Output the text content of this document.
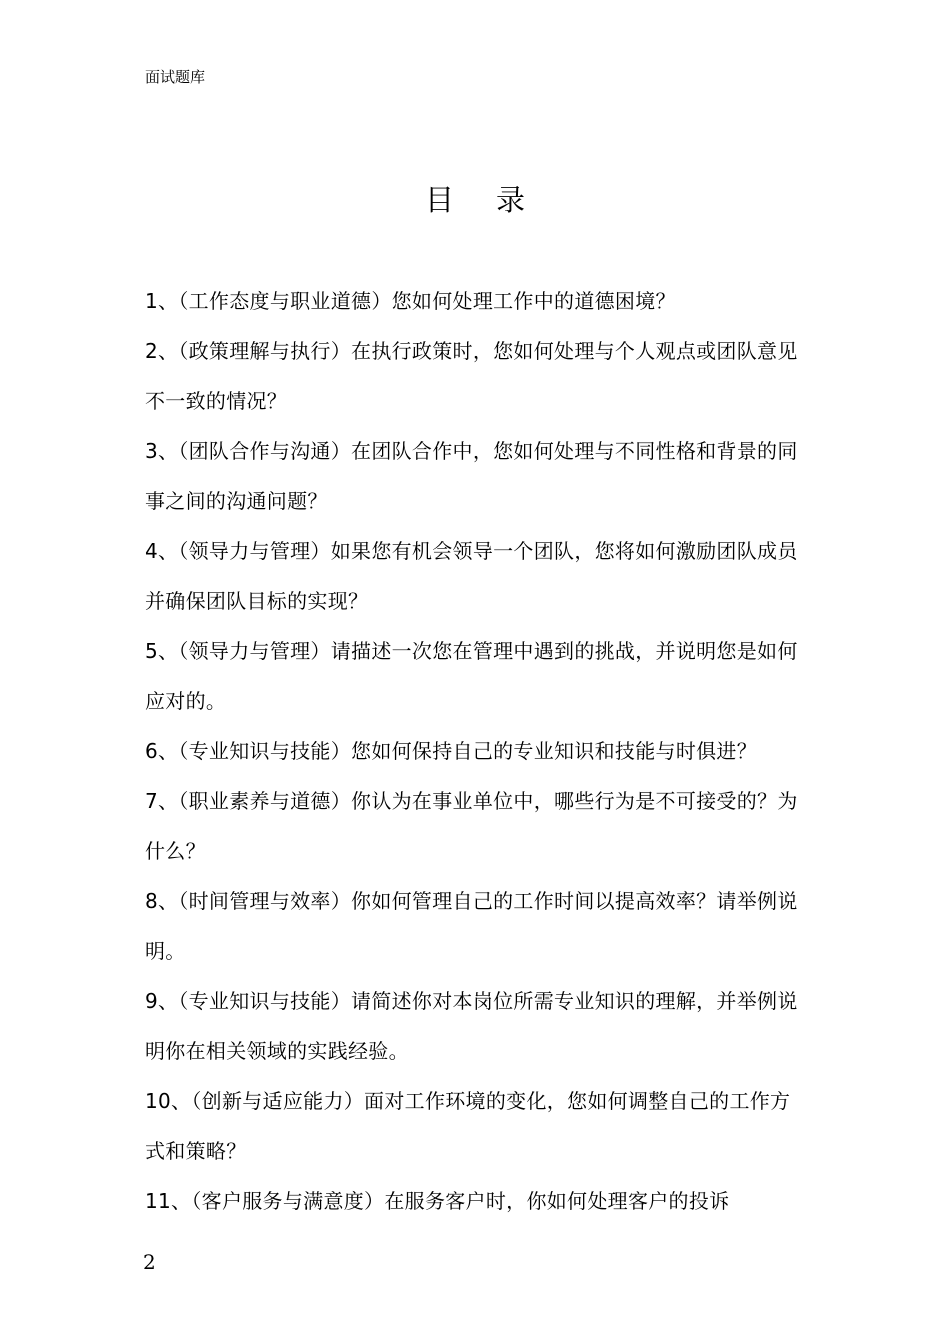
面试题库
目录
1、（工作态度与职业道德）您如何处理工作中的道德困境？
2、（政策理解与执行）在执行政策时，您如何处理与个人观点或团队意见不一致的情况？
3、（团队合作与沟通）在团队合作中，您如何处理与不同性格和背景的同事之间的沟通问题？
4、（领导力与管理）如果您有机会领导一个团队，您将如何激励团队成员并确保团队目标的实现？
5、（领导力与管理）请描述一次您在管理中遇到的挑战，并说明您是如何应对的。
6、（专业知识与技能）您如何保持自己的专业知识和技能与时俱进？
7、（职业素养与道德）你认为在事业单位中，哪些行为是不可接受的？为什么？
8、（时间管理与效率）你如何管理自己的工作时间以提高效率？请举例说明。
9、（专业知识与技能）请简述你对本岗位所需专业知识的理解，并举例说明你在相关领域的实践经验。
10、（创新与适应能力）面对工作环境的变化，您如何调整自己的工作方式和策略？
11、（客户服务与满意度）在服务客户时，你如何处理客户的投诉
2
